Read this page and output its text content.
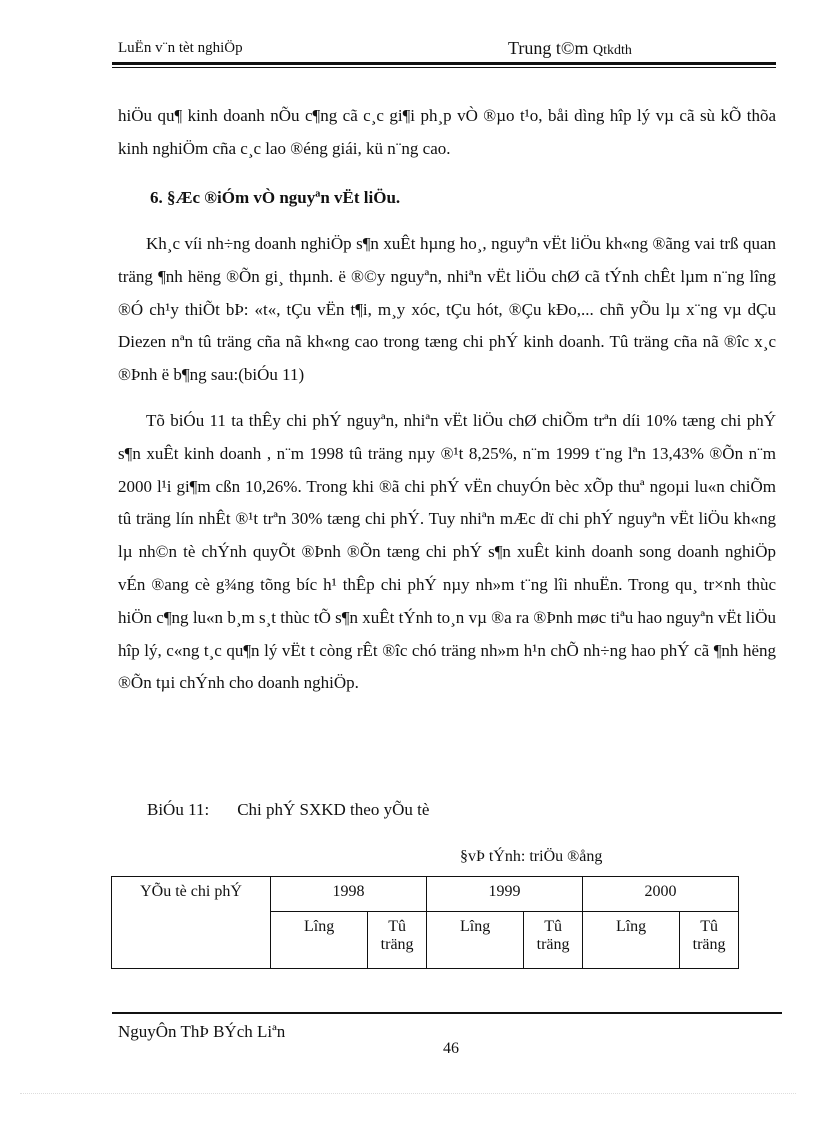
LuËn v¨n tèt nghiÖp	Trung t©m Qtkdth

hiÖu qu¶ kinh doanh nÕu c¶ng cã c¸c gi¶i ph¸p vÒ ®µo t¹o, båi dìng hîp lý vµ cã sù kÕ thõa kinh nghiÖm cña c¸c lao ®éng giái, kü n¨ng cao.

6. §Æc ®iÓm vÒ nguyªn vËt liÖu.

Kh¸c víi nh÷ng doanh nghiÖp s¶n xuÊt hµng ho¸, nguyªn vËt liÖu kh«ng ®ãng vai trß quan träng ¶nh hëng ®Õn gi¸ thµnh. ë ®©y nguyªn, nhiªn vËt liÖu chØ cã tÝnh chÊt lµm n¨ng lîng ®Ó ch¹y thiÕt bÞ: «t«, tÇu vËn t¶i, m¸y xóc, tÇu hót, ®Çu kÐo,... chñ yÕu lµ x¨ng vµ dÇu Diezen nªn tû träng cña nã kh«ng cao trong tæng chi phÝ kinh doanh. Tû träng cña nã ®îc x¸c ®Þnh ë b¶ng sau:(biÓu 11)

Tõ biÓu 11 ta thÊy chi phÝ nguyªn, nhiªn vËt liÖu chØ chiÕm trªn díi 10% tæng chi phÝ s¶n xuÊt kinh doanh , n¨m 1998 tû träng nµy ®¹t 8,25%, n¨m 1999 t¨ng lªn 13,43% ®Õn n¨m 2000 l¹i gi¶m cßn 10,26%. Trong khi ®ã chi phÝ vËn chuyÓn bèc xÕp thuª ngoµi lu«n chiÕm tû träng lín nhÊt ®¹t trªn 30% tæng chi phÝ. Tuy nhiªn mÆc dï chi phÝ nguyªn vËt liÖu kh«ng lµ nh©n tè chÝnh quyÕt ®Þnh ®Õn tæng chi phÝ s¶n xuÊt kinh doanh song doanh nghiÖp vÉn ®ang cè g¾ng tõng bíc h¹ thÊp chi phÝ nµy nh»m t¨ng lîi nhuËn. Trong qu¸ tr×nh thùc hiÖn c¶ng lu«n b¸m s¸t thùc tÕ s¶n xuÊt tÝnh to¸n vµ ®a ra ®Þnh møc tiªu hao nguyªn vËt liÖu hîp lý, c«ng t¸c qu¶n lý vËt t còng rÊt ®îc chó träng nh»m h¹n chÕ nh÷ng hao phÝ cã ¶nh hëng ®Õn tµi chÝnh cho doanh nghiÖp.

BiÓu 11: Chi phÝ SXKD theo yÕu tè
§vÞ tÝnh: triÖu ®ång
YÕu tè chi phÝ	1998		1999		2000	
	Lîng	Tû träng	Lîng	Tû träng	Lîng	Tû träng
NguyÔn ThÞ BÝch Liªn
46
